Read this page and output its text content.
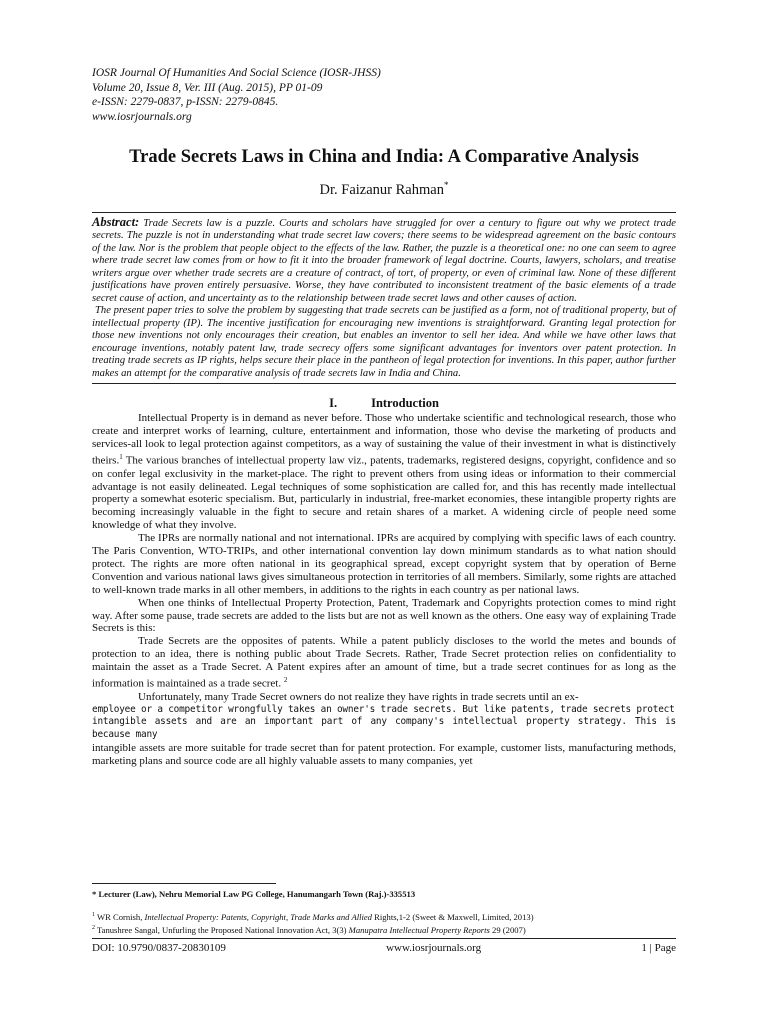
IOSR Journal Of Humanities And Social Science (IOSR-JHSS)
Volume 20, Issue 8, Ver. III (Aug. 2015), PP 01-09
e-ISSN: 2279-0837, p-ISSN: 2279-0845.
www.iosrjournals.org
Trade Secrets Laws in China and India: A Comparative Analysis
Dr. Faizanur Rahman*

Abstract: Trade Secrets law is a puzzle. Courts and scholars have struggled for over a century to figure out why we protect trade secrets. The puzzle is not in understanding what trade secret law covers; there seems to be widespread agreement on the basic contours of the law. Nor is the problem that people object to the effects of the law. Rather, the puzzle is a theoretical one: no one can seem to agree where trade secret law comes from or how to fit it into the broader framework of legal doctrine. Courts, lawyers, scholars, and treatise writers argue over whether trade secrets are a creature of contract, of tort, of property, or even of criminal law. None of these different justifications have proven entirely persuasive. Worse, they have contributed to inconsistent treatment of the basic elements of a trade secret cause of action, and uncertainty as to the relationship between trade secret laws and other causes of action.

The present paper tries to solve the problem by suggesting that trade secrets can be justified as a form, not of traditional property, but of intellectual property (IP). The incentive justification for encouraging new inventions is straightforward. Granting legal protection for those new inventions not only encourages their creation, but enables an inventor to sell her idea. And while we have other laws that encourage inventions, notably patent law, trade secrecy offers some significant advantages for inventors over patent protection. In treating trade secrets as IP rights, helps secure their place in the pantheon of legal protection for inventions. In this paper, author further makes an attempt for the comparative analysis of trade secrets law in India and China.

I.	Introduction

Intellectual Property is in demand as never before. Those who undertake scientific and technological research, those who create and interpret works of learning, culture, entertainment and information, those who devise the marketing of products and services-all look to legal protection against competitors, as a way of sustaining the value of their investment in what is distinctively theirs.$^1$ The various branches of intellectual property law viz., patents, trademarks, registered designs, copyright, confidence and so on confer legal exclusivity in the market-place. The right to prevent others from using ideas or information to their commercial advantage is not easily delineated. Legal techniques of some sophistication are called for, and this has recently made intellectual property a somewhat esoteric specialism. But, particularly in industrial, free-market economies, these intangible property rights are becoming increasingly valuable in the fight to secure and retain shares of a market. A widening circle of people need some knowledge of what they involve.

The IPRs are normally national and not international. IPRs are acquired by complying with specific laws of each country. The Paris Convention, WTO-TRIPs, and other international convention lay down minimum standards as to what nation should protect. The rights are more often national in its geographical spread, except copyright system that by operation of Berne Convention and various national laws gives simultaneous protection in territories of all members. Similarly, some rights are attached to well-known trade marks in all other members, in additions to the rights in each country as per national laws.

When one thinks of Intellectual Property Protection, Patent, Trademark and Copyrights protection comes to mind right way. After some pause, trade secrets are added to the lists but are not as well known as the others. One easy way of explaining Trade Secrets is this:

Trade Secrets are the opposites of patents. While a patent publicly discloses to the world the metes and bounds of protection to an idea, there is nothing public about Trade Secrets. Rather, Trade Secret protection relies on confidentiality to maintain the asset as a Trade Secret. A Patent expires after an amount of time, but a trade secret continues for as long as the information is maintained as a trade secret. $^2$

Unfortunately, many Trade Secret owners do not realize they have rights in trade secrets until an ex-

employee or a competitor wrongfully takes an owner's trade secrets. But like patents, trade secrets protect
intangible assets and are an important part of any company's intellectual property strategy. This is because many
intangible assets are more suitable for trade secret than for patent protection. For example, customer lists, manufacturing methods, marketing plans and source code are all highly valuable assets to many companies, yet
* Lecturer (Law), Nehru Memorial Law PG College, Hanumangarh Town (Raj.)-335513

$^1$ WR Cornish, Intellectual Property: Patents, Copyright, Trade Marks and Allied Rights,1-2 (Sweet & Maxwell, Limited, 2013)

$^2$ Tanushree Sangal, Unfurling the Proposed National Innovation Act, 3(3) Manupatra Intellectual Property Reports 29 (2007)

DOI: 10.9790/0837-20830109	www.iosrjournals.org	1 | Page
